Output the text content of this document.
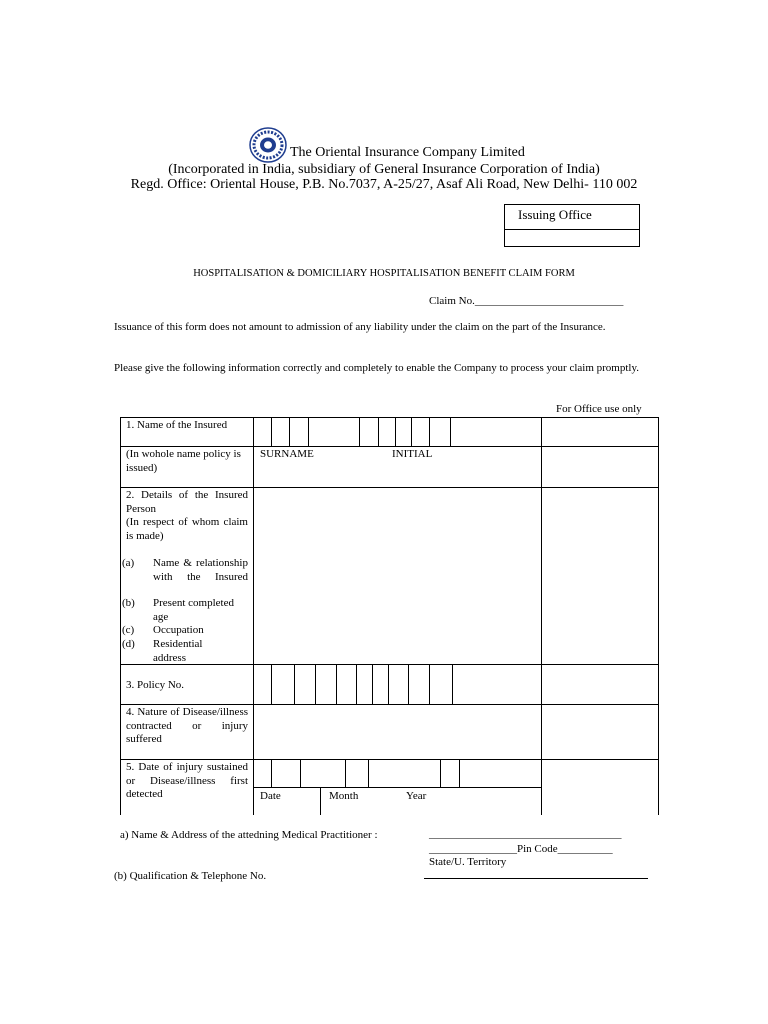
The Oriental Insurance Company Limited
(Incorporated in India, subsidiary of General Insurance Corporation of India)
Regd. Office: Oriental House, P.B. No.7037, A-25/27, Asaf Ali Road, New Delhi- 110 002
Issuing Office
HOSPITALISATION & DOMICILIARY HOSPITALISATION BENEFIT CLAIM FORM
Claim No.___________________________
Issuance of this form does not amount to admission of any liability under the claim on the part of the Insurance.
Please give the following information correctly and completely to enable the Company to process your claim promptly.
For Office use only
1. Name of the Insured
(In wohole name policy is issued)
SURNAME	INITIAL
2. Details of the Insured Person
(In respect of whom claim is made)
(a) Name & relationship with the Insured
(b) Present completed age
(c) Occupation
(d) Residential address
3. Policy No.
4. Nature of Disease/illness contracted or injury suffered
5. Date of injury sustained or Disease/illness first detected	Date	Month	Year
a) Name & Address of the attedning Medical Practitioner :	___________________________________
________________Pin Code__________
State/U. Territory
(b) Qualification & Telephone No.
